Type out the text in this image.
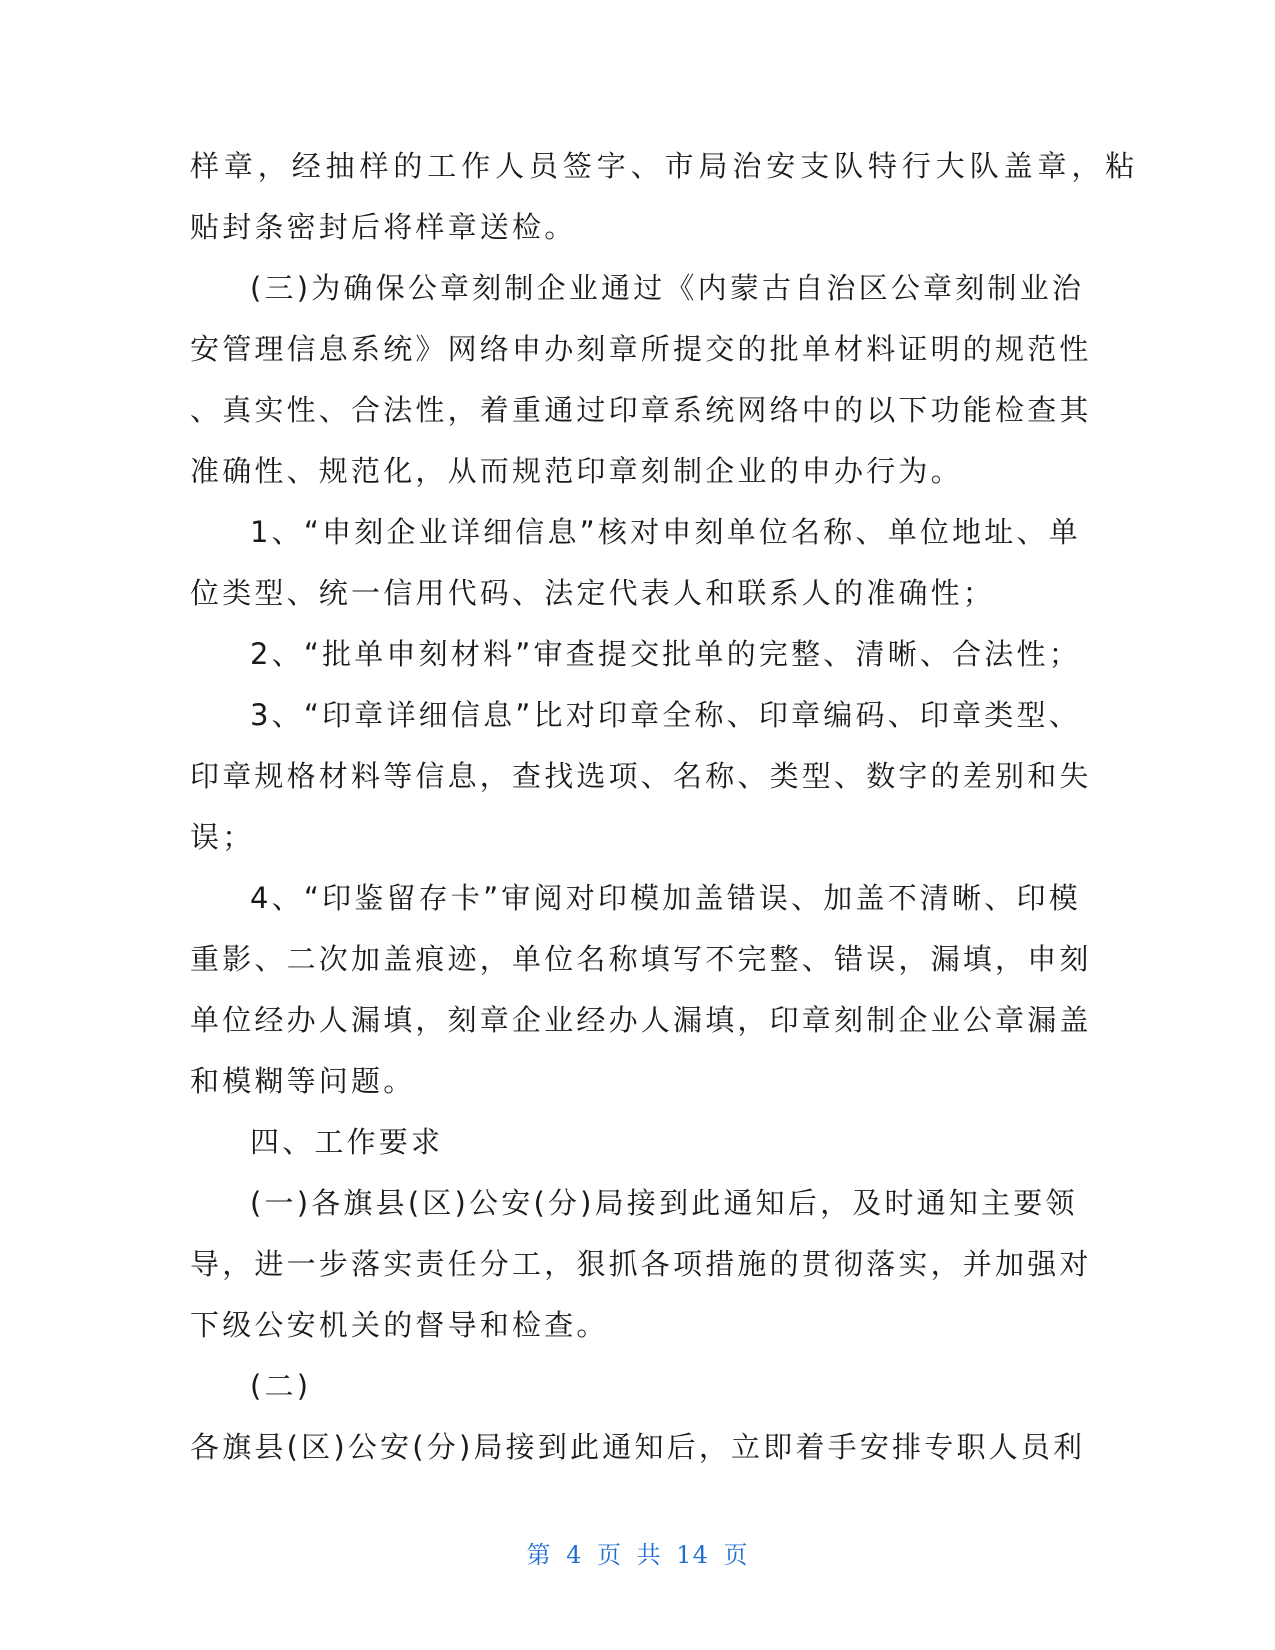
样章，经抽样的工作人员签字、市局治安支队特行大队盖章，粘
贴封条密封后将样章送检。
(三)为确保公章刻制企业通过《内蒙古自治区公章刻制业治
安管理信息系统》网络申办刻章所提交的批单材料证明的规范性
、真实性、合法性，着重通过印章系统网络中的以下功能检查其
准确性、规范化，从而规范印章刻制企业的申办行为。
1、“申刻企业详细信息”核对申刻单位名称、单位地址、单
位类型、统一信用代码、法定代表人和联系人的准确性；
2、“批单申刻材料”审查提交批单的完整、清晰、合法性；
3、“印章详细信息”比对印章全称、印章编码、印章类型、
印章规格材料等信息，查找选项、名称、类型、数字的差别和失
误；
4、“印鉴留存卡”审阅对印模加盖错误、加盖不清晰、印模
重影、二次加盖痕迹，单位名称填写不完整、错误，漏填，申刻
单位经办人漏填，刻章企业经办人漏填，印章刻制企业公章漏盖
和模糊等问题。
四、工作要求
(一)各旗县(区)公安(分)局接到此通知后，及时通知主要领
导，进一步落实责任分工，狠抓各项措施的贯彻落实，并加强对
下级公安机关的督导和检查。
(二)
各旗县(区)公安(分)局接到此通知后，立即着手安排专职人员利
第 4 页 共 14 页
